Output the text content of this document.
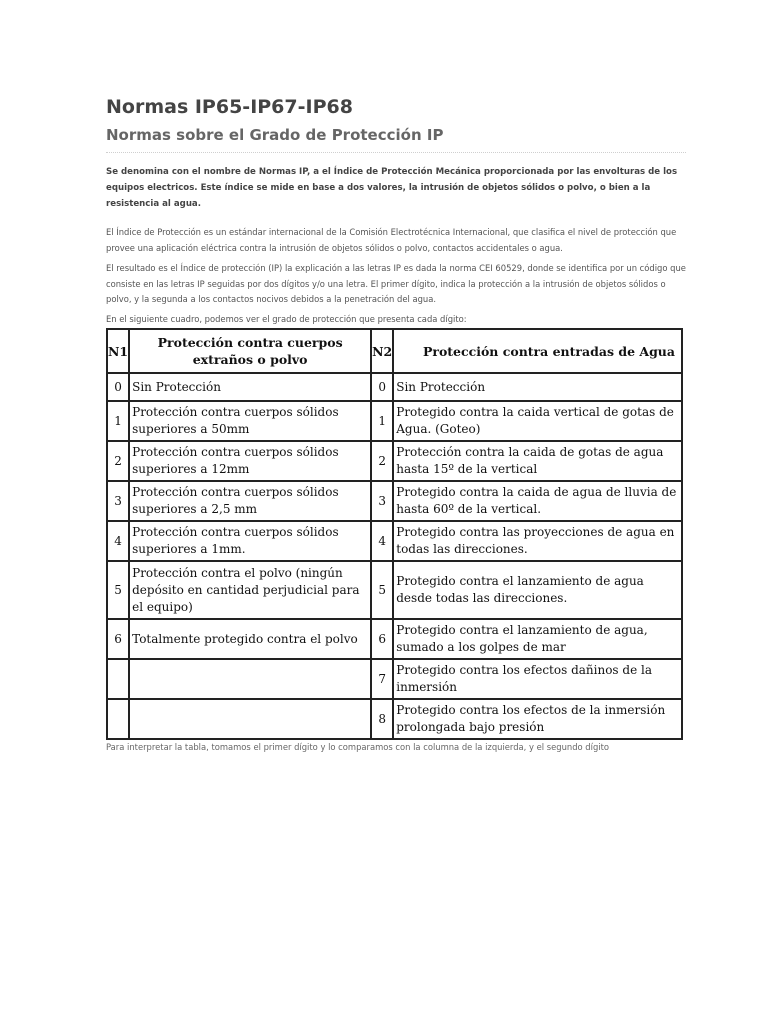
Normas IP65-IP67-IP68
Normas sobre el Grado de Protección IP

Se denomina con el nombre de Normas IP, a el Índice de Protección Mecánica proporcionada por las envolturas de los equipos electricos. Este índice se mide en base a dos valores, la intrusión de objetos sólidos o polvo, o bien a la resistencia al agua.

El Índice de Protección es un estándar internacional de la Comisión Electrotécnica Internacional, que clasifica el nivel de protección que provee una aplicación eléctrica contra la intrusión de objetos sólidos o polvo, contactos accidentales o agua.

El resultado es el Índice de protección (IP) la explicación a las letras IP es dada la norma CEI 60529, donde se identifica por un código que consiste en las letras IP seguidas por dos dígitos y/o una letra. El primer dígito, indica la protección a la intrusión de objetos sólidos o polvo, y la segunda a los contactos nocivos debidos a la penetración del agua.

En el siguiente cuadro, podemos ver el grado de protección que presenta cada dígito:

N1	Protección contra cuerpos extraños o polvo	N2	Protección contra entradas de Agua
0	Sin Protección	0	Sin Protección
1	Protección contra cuerpos sólidos superiores a 50mm	1	Protegido contra la caida vertical de gotas de Agua. (Goteo)
2	Protección contra cuerpos sólidos superiores a 12mm	2	Protección contra la caida de gotas de agua hasta 15º de la vertical
3	Protección contra cuerpos sólidos superiores a 2,5 mm	3	Protegido contra la caida de agua de lluvia de hasta 60º de la vertical.
4	Protección contra cuerpos sólidos superiores a 1mm.	4	Protegido contra las proyecciones de agua en todas las direcciones.
5	Protección contra el polvo (ningún depósito en cantidad perjudicial para el equipo)	5	Protegido contra el lanzamiento de agua desde todas las direcciones.
6	Totalmente protegido contra el polvo	6	Protegido contra el lanzamiento de agua, sumado a los golpes de mar
		7	Protegido contra los efectos dañinos de la inmersión
		8	Protegido contra los efectos de la inmersión prolongada bajo presión

Para interpretar la tabla, tomamos el primer dígito y lo comparamos con la columna de la izquierda, y el segundo dígito
